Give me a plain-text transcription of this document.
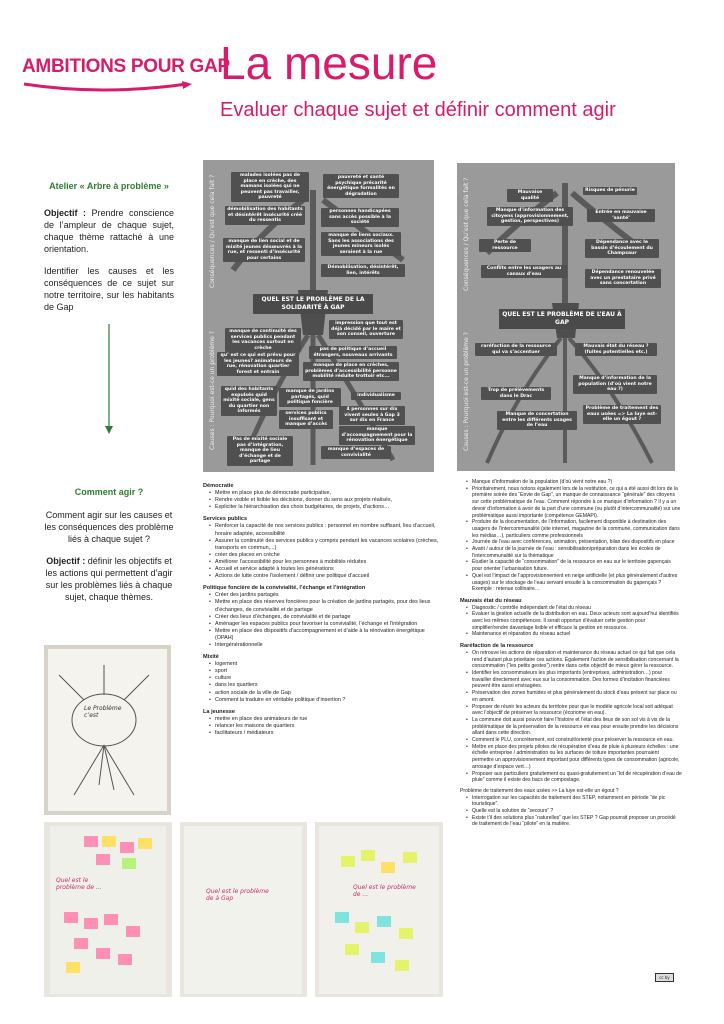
AMBITIONS POUR GAP
La mesure
Evaluer chaque sujet et définir comment agir
Atelier « Arbre à problème »
Objectif : Prendre conscience de l’ampleur de chaque sujet, chaque thème rattaché à une orientation.
Identifier les causes et les conséquences de ce sujet sur notre territoire, sur les habitants de Gap
Comment agir ?
Comment agir sur les causes et les conséquences des problème liés à chaque sujet ?
Objectif : définir les objectifs et les actions qui permettent d’agir sur les problèmes liés à chaque sujet, chaque thèmes.
Conséquences / Qu’est que cela fait ?
Causes : Pourquoi est-ce un problème ?
malades isolées pas de place en crèche, des mamans isolées qui ne peuvent pas travailler, pauvreté
pauvreté et santé psychique précarité énergétique formalités en dégradation
démobilisation des habitants et désintérêt insécurité créé du ressentis
personnes handicapées sans accès possible à la société
manque de lien social et de mixité jeunes désœuvrés à la rue, et ressenti d’insécurité pour certains
manque de liens sociaux. Sans les associations des jeunes mineurs isolés seraient à la rue
Démobilisation, désintérêt, lien, intérêts
QUEL EST LE PROBLÈME DE LA SOLIDARITÉ À GAP
manque de continuité des services publics pendant les vacances surtout en crèche
impression que tout est déjà décidé par le maire et son conseil, ouverture
pas de politique d’accueil étrangers, nouveaux arrivants
qu’ est ce qui est prévu pour les jeunes? animateurs de rue, rénovation quartier forest et entrain
manque de place en crèches, problèmes d’accessibilité personne mobilité réduite trottoir etc...
quid des habitants expulsés quid mixité sociale, gens du quartier non informés
manque de jardins partagés, quid politique foncière
individualisme
services publics insuffisant et manque d’accès
4 personnes sur dix vivent seules à Gap 3 sur dix en France
manque d’accompagnement pour la rénovation énergétique
Pas de mixité sociale pas d’intégration, manque de lieu d’échange et de partage
manque d’espaces de convivialité
Conséquences / Qu’est que cela fait ?
Causes : Pourquoi est-ce un problème ?
Mauvaise qualité
Risques de pénurie
Manque d’information des citoyens (approvisionnement, gestion, perspectives)
Entrée en mauvaise ‘santé’
Perte de ressource
Dépendance avec le bassin d’écoulement du Champsaur
Conflits entre les usagers au canaux d’eau	Dépendance renouvelée avec un prestataire privé sans concertation
QUEL EST LE PROBLÈME DE L’EAU À GAP
raréfaction de la ressource qui va s’accentuer
Mauvais état du réseau ? (fuites potentielles etc.)
Manque d’information de la population (d’où vient notre eau ?)
Trop de prélèvements dans le Drac
Problème de traitement des eaux usées => La luye est-elle un égout ?
Manque de concertation entre les différents usages de l’eau
Démocratie
• Mettre en place plus de démocratie participative,
• Rendre visible et lisible les décisions, donner du sens aux projets réalisés,
• Expliciter la hiérarchisation des choix budgétaires, de projets, d’actions…
Services publics
• Renforcer la capacité de nos services publics : personnel en nombre suffisant, lieu d’accueil, horaire adaptée, accessibilité
• Assurer la continuité des services publics y compris pendant les vacances scolaires (crèches, transports en commun,...)
• créer des places en crèche
• Améliorer l’accessibilité pour les personnes à mobilités réduites
• Accueil et service adapté à toutes les générations
• Actions de lutte contre l’isolement / définir une politique d’accueil
Politique foncière de la convivialité, l’échange et l’intégration
• Créer des jardins partagés
• Mettre en place des réserves foncières pour la création de jardins partagés, pour des lieux d’échanges, de convivialité et de partage
• Créer des lieux d’échanges, de convivialité et de partage
• Aménager les espaces publics pour favoriser la convivialité, l’échange et l’intégration
• Mettre en place des dispositifs d’accompagnement et d’aide à la rénovation énergétique (OPAH)
• Intergénérationnelle
Mixité
• logement
• sport
• culture
• dans les quartiers
• action sociale de la ville de Gap
• Comment la traduire en véritable politique d’insertion ?
La jeunesse
• mettre en place des animateurs de rue
• relancer les maisons de quartiers
• facilitateurs / médiateurs
• Manque d’information de la population (d’où vient notre eau ?)
• Prioritairement, nous notons également lors de la restitution, ce qui a été aussi dit lors de la première soirée des “Envie de Gap”, un manque de connaissance “générale” des citoyens sur cette problématique de l’eau. Comment répondre à ce manque d’information ? Il y a un devoir d’information à avoir de la part d’une commune (ou plutôt d’intercommunalité) sur une problématique aussi importante (compétence GEMAPI).
• Produire de la documentation, de l’information, facilement disponible à destination des usagers de l’intercommunalité (site internet, magazine de la commune, communication dans les médias…), particuliers comme professionnels
• Journée de l’eau avec conférences, animation, présentation, bilan des dispositifs en place
• Avant / autour de la journée de l’eau : sensibilisation/préparation dans les écoles de l’intercommunalité sur la thématique
• Étudier la capacité de “consommation” de la ressource en eau sur le territoire gapençais pour orienter l’urbanisation future.
• Quel est l’impact de l’approvisionnement en neige artificielle (et plus généralement d’autres usages) sur le stockage de l’eau servant ensuite à la consommation du gapençais ? Exemple : retenue collinaire…
Mauvais état du réseau
• Diagnostic / contrôle indépendant de l’état du réseau
• Évaluer la gestion actuelle de la distribution en eau. Deux acteurs sont aujourd’hui identifiés avec les mêmes compétences. Il serait opportun d’évaluer cette gestion pour simplifier/rendre davantage lisible et efficace la gestion en ressource.
• Maintenance et réparation du réseau actuel
Raréfaction de la ressource
• On retrouve les actions de réparation et maintenance du réseau actuel ce qui fait que cela rend d’autant plus prioritaire ces actions. Également l’action de sensibilisation concernant la consommation (“les petits gestes”) rentre dans cette objectif de mieux gérer la ressource.
• Identifier les consommateurs les plus importants (entreprises, administration…) pour travailler directement avec eux sur la consommation. Des formes d’incitation financières peuvent être aussi envisagées.
• Préservation des zones humides et plus généralement du stock d’eau présent sur place ou en amont.
• Proposer de réunir les acteurs du territoire pour que le modèle agricole local soit adéquat avec l’objectif de préserver la ressource (économe en eau).
• La commune doit aussi pouvoir faire l’histoire et l’état des lieux de son sol vis à vis de la problématique de la préservation de la ressource en eau pour ensuite prendre les décisions allant dans cette direction.
• Comment le PLU, concrètement, est construit/orienté pour préserver la ressource en eau.
• Mettre en place des projets pilotes de récupération d’eau de pluie à plusieurs échelles : une échelle entreprise / administration ou les surfaces de toiture importantes pourraient permettre un approvisionnement important pour différents types de consommation (agricole, arrosage d’espace vert…)
• Proposer aux particuliers gratuitement ou quasi-gratuitement un “kit de récupération d’eau de pluie” comme il existe des bacs de compostage.

Problème de traitement des eaux usées >> La luye est-elle un égout ?

• Interrogation sur les capacités de traitement des STEP, notamment en période “de pic touristique”.
• Quelle est la solution de “secours” ?
• Existe t’il des solutions plus “naturelles” que les STEP ? Gap pourrait proposer un procédé de traitement de l’eau “pilote” en la matière.
Le Problème c’est
Quel est le problème de ...
Quel est le problème de à Gap
Quel est le problème de ...
cc by
